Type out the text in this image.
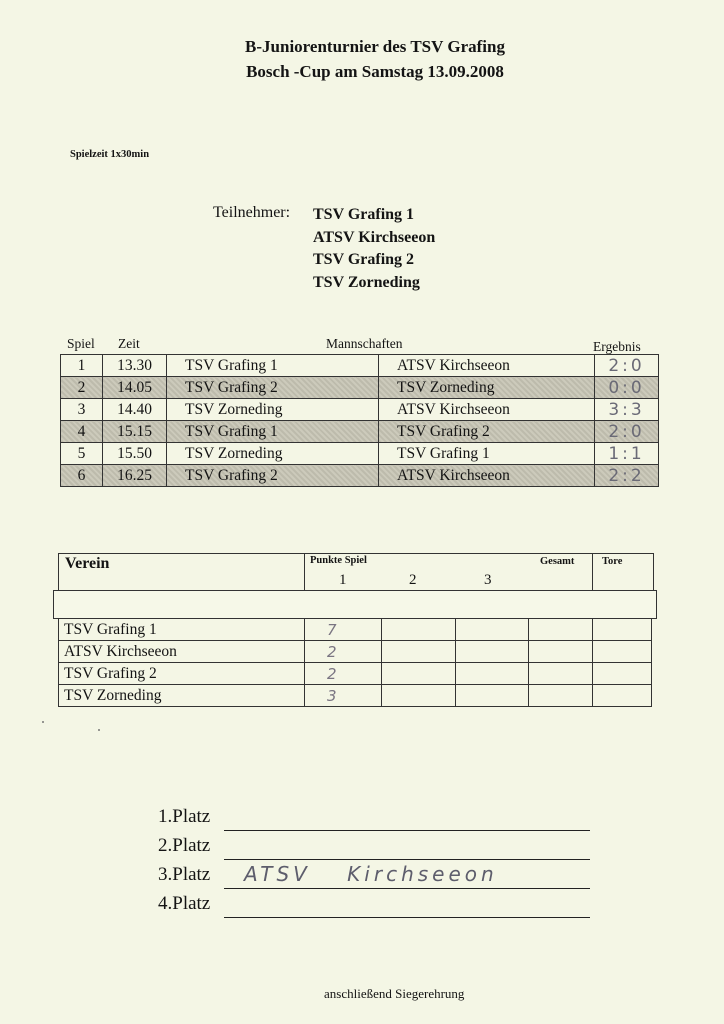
B-Juniorenturnier des TSV Grafing
Bosch -Cup am Samstag 13.09.2008
Spielzeit 1x30min
Teilnehmer: TSV Grafing 1
ATSV Kirchseeon
TSV Grafing 2
TSV Zorneding
Spiel Zeit	Mannschaften	Ergebnis
1	13.30	TSV Grafing 1	ATSV Kirchseeon	2:0
2	14.05	TSV Grafing 2	TSV Zorneding	0:0
3	14.40	TSV Zorneding	ATSV Kirchseeon	3:3
4	15.15	TSV Grafing 1	TSV Grafing 2	2:0
5	15.50	TSV Zorneding	TSV Grafing 1	1:1
6	16.25	TSV Grafing 2	ATSV Kirchseeon	2:2
Verein	Punkte Spiel
1	2	3
Gesamt	Tore
TSV Grafing 1	7				
ATSV Kirchseeon	2				
TSV Grafing 2	2				
TSV Zorneding	3				
1.Platz
2.Platz
3.Platz ATSV Kirchseeon
4.Platz
anschließend Siegerehrung
